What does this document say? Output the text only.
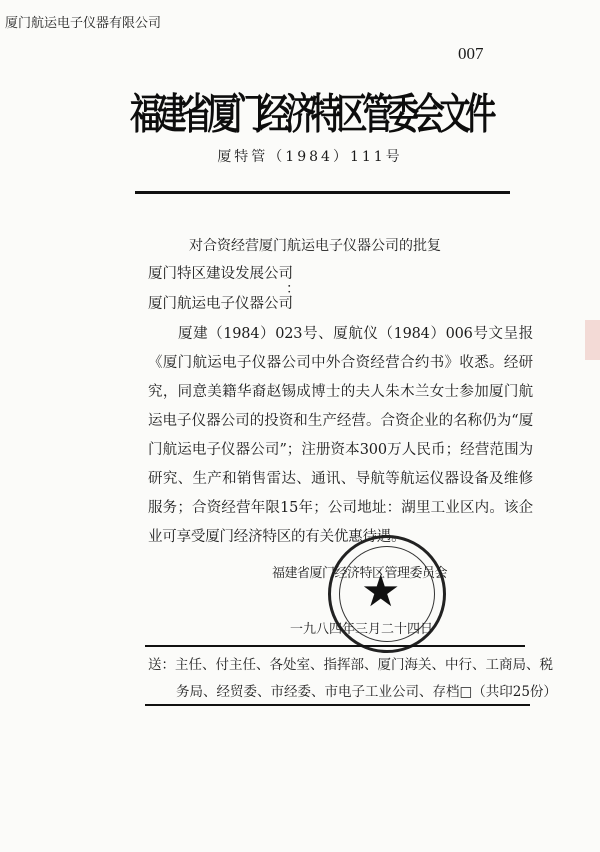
厦门航运电子仪器有限公司
007
福建省厦门经济特区管委会文件
厦特管（1984）111号
对合资经营厦门航运电子仪器公司的批复
厦门特区建设发展公司
厦门航运电子仪器公司
：
厦建（1984）023号、厦航仪（1984）006号文呈报《厦门航运电子仪器公司中外合资经营合约书》收悉。经研究，同意美籍华裔赵锡成博士的夫人朱木兰女士参加厦门航运电子仪器公司的投资和生产经营。合资企业的名称仍为“厦门航运电子仪器公司”；注册资本300万人民币；经营范围为研究、生产和销售雷达、通讯、导航等航运仪器设备及维修服务；合资经营年限15年；公司地址：湖里工业区内。该企业可享受厦门经济特区的有关优惠待遇。
★
福建省厦门经济特区管理委员会
一九八四年三月二十四日
送：主任、付主任、各处室、指挥部、厦门海关、中行、工商局、税
务局、经贸委、市经委、市电子工业公司、存档□（共印25份）
